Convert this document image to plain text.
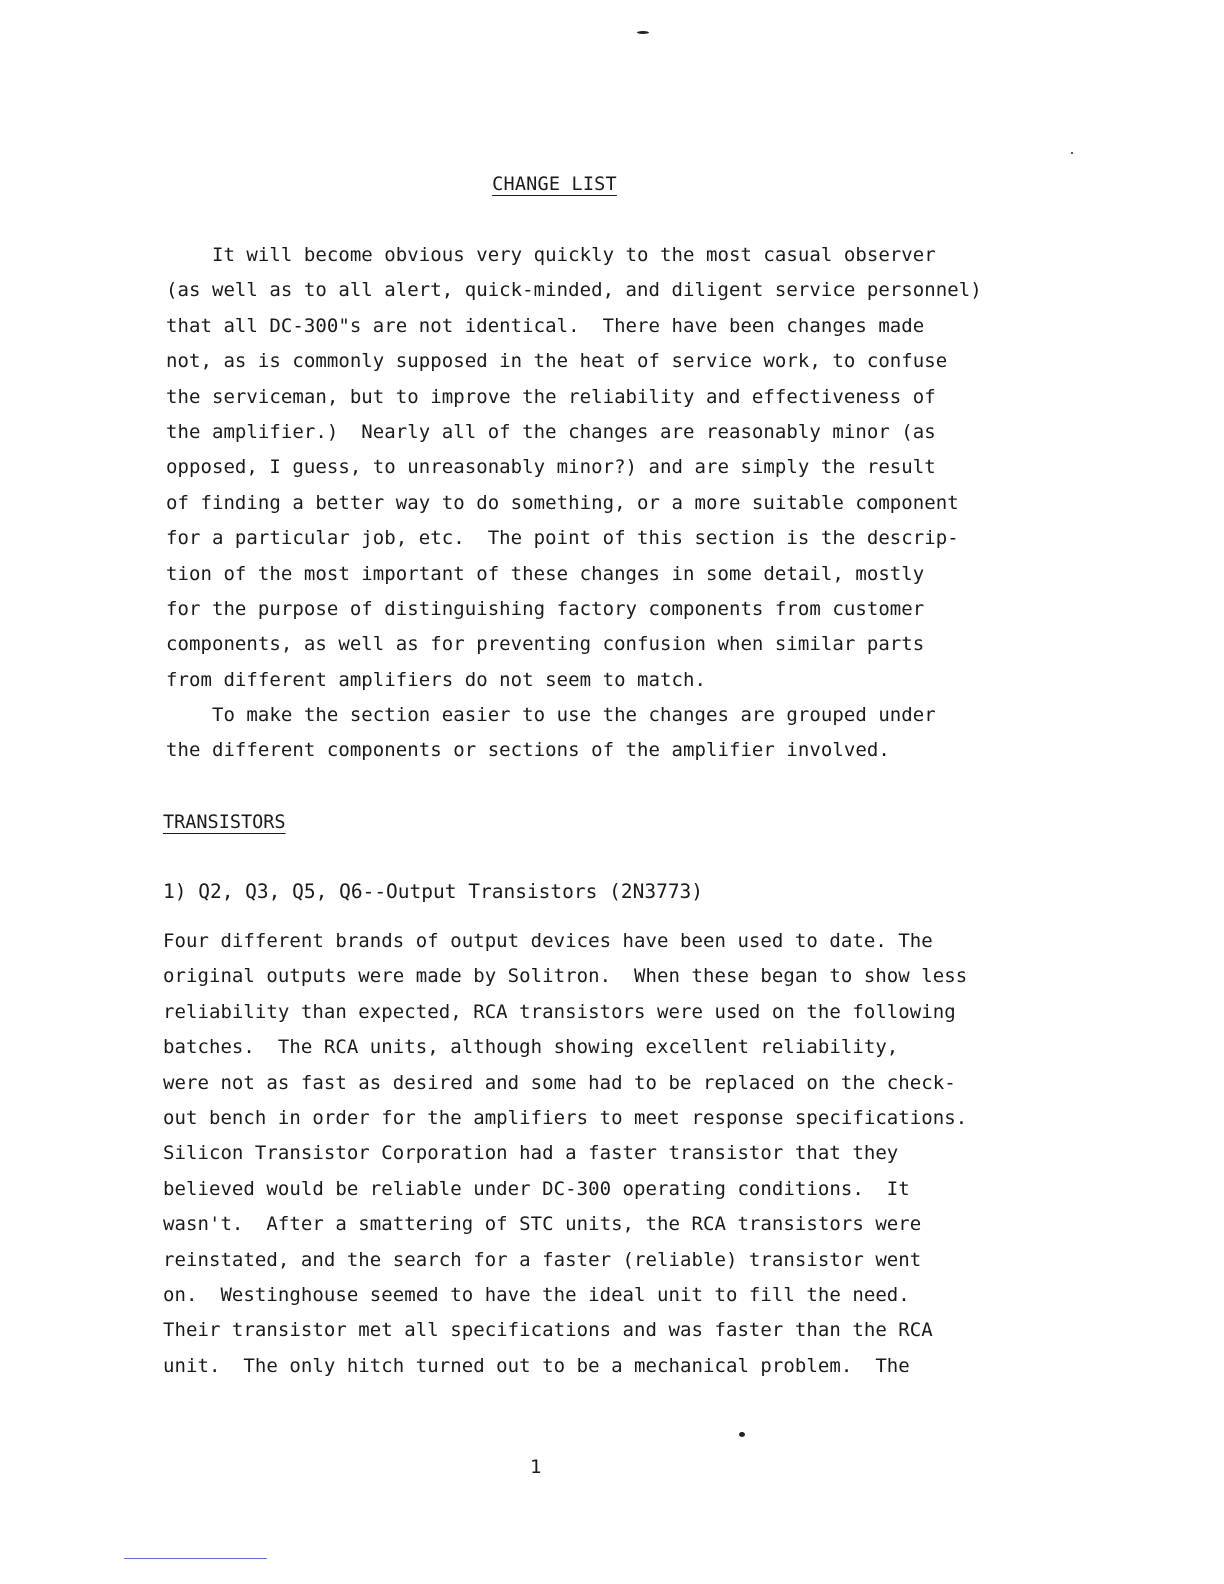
CHANGE LIST
It will become obvious very quickly to the most casual observer
(as well as to all alert, quick-minded, and diligent service personnel)
that all DC-300"s are not identical.  There have been changes made
not, as is commonly supposed in the heat of service work, to confuse
the serviceman, but to improve the reliability and effectiveness of
the amplifier.)  Nearly all of the changes are reasonably minor (as
opposed, I guess, to unreasonably minor?) and are simply the result
of finding a better way to do something, or a more suitable component
for a particular job, etc.  The point of this section is the descrip-
tion of the most important of these changes in some detail, mostly
for the purpose of distinguishing factory components from customer
components, as well as for preventing confusion when similar parts
from different amplifiers do not seem to match.
To make the section easier to use the changes are grouped under
the different components or sections of the amplifier involved.
TRANSISTORS
1) Q2, Q3, Q5, Q6--Output Transistors (2N3773)
Four different brands of output devices have been used to date. The
original outputs were made by Solitron.  When these began to show less
reliability than expected, RCA transistors were used on the following
batches.  The RCA units, although showing excellent reliability,
were not as fast as desired and some had to be replaced on the check-
out bench in order for the amplifiers to meet response specifications.
Silicon Transistor Corporation had a faster transistor that they
believed would be reliable under DC-300 operating conditions.  It
wasn't.  After a smattering of STC units, the RCA transistors were
reinstated, and the search for a faster (reliable) transistor went
on.  Westinghouse seemed to have the ideal unit to fill the need.
Their transistor met all specifications and was faster than the RCA
unit.  The only hitch turned out to be a mechanical problem.  The
1
